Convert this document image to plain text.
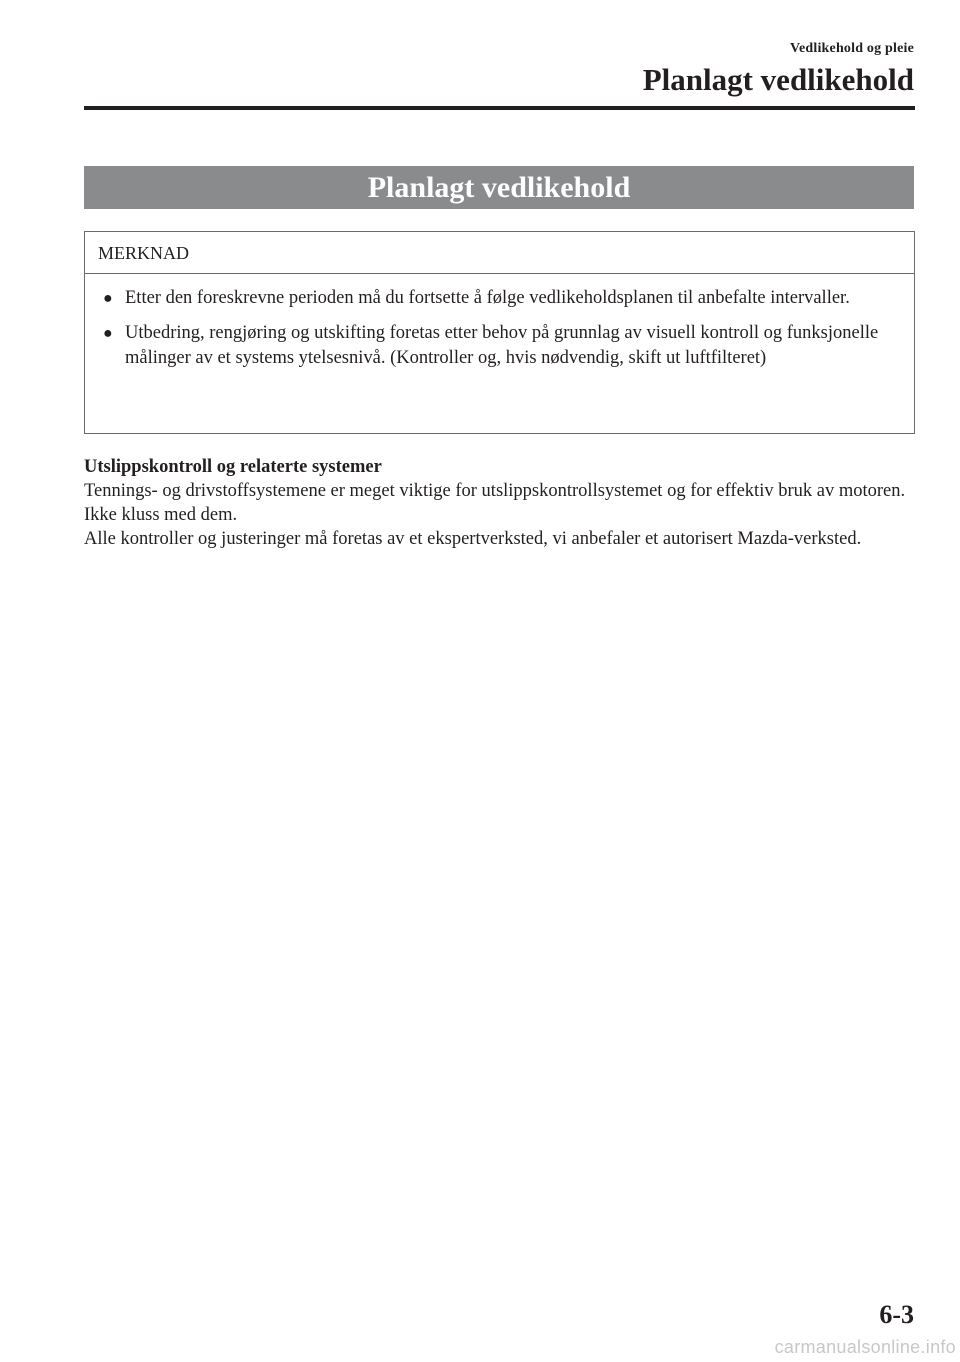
Vedlikehold og pleie
Planlagt vedlikehold
Planlagt vedlikehold
MERKNAD
● Etter den foreskrevne perioden må du fortsette å følge vedlikeholdsplanen til anbefalte intervaller.
● Utbedring, rengjøring og utskifting foretas etter behov på grunnlag av visuell kontroll og funksjonelle målinger av et systems ytelsesnivå. (Kontroller og, hvis nødvendig, skift ut luftfilteret)
Utslippskontroll og relaterte systemer

Tennings- og drivstoffsystemene er meget viktige for utslippskontrollsystemet og for effektiv bruk av motoren. Ikke kluss med dem.

Alle kontroller og justeringer må foretas av et ekspertverksted, vi anbefaler et autorisert Mazda-verksted.

6-3
carmanualsonline.info
